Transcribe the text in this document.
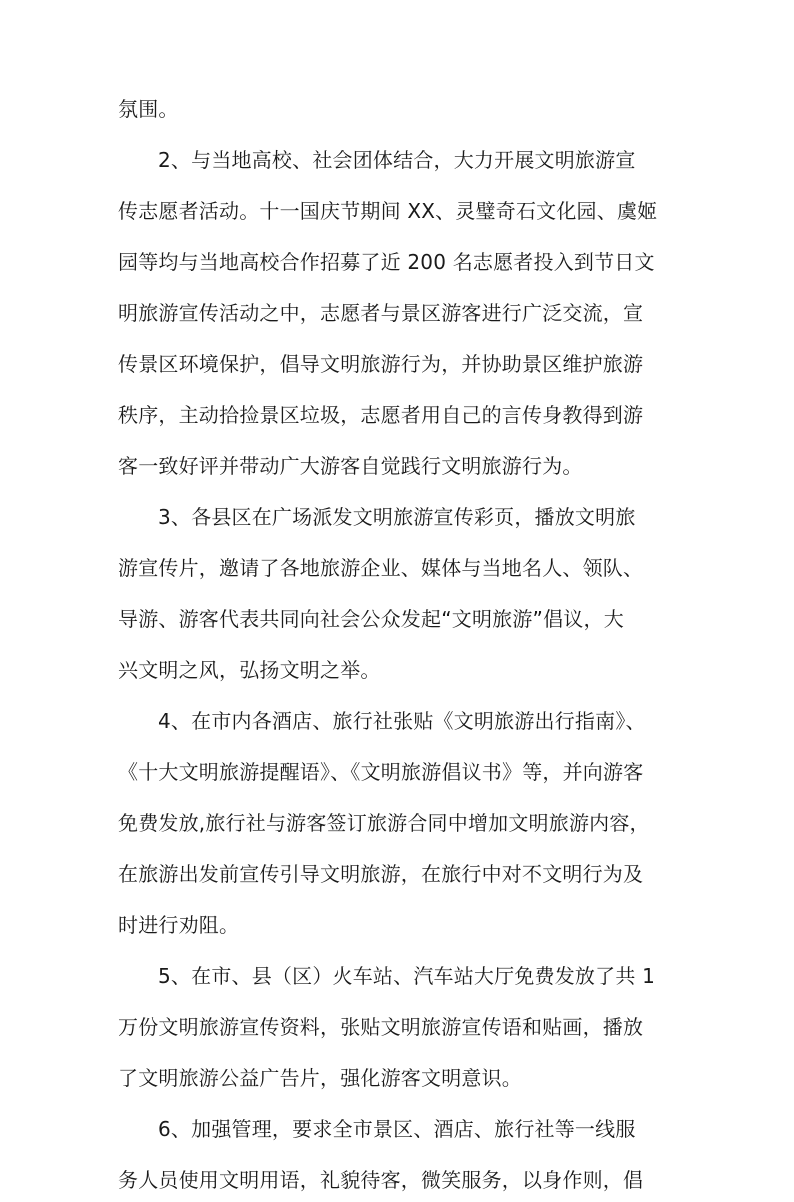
氛围。

2、与当地高校、社会团体结合，大力开展文明旅游宣

传志愿者活动。十一国庆节期间 XX、灵璧奇石文化园、虞姬

园等均与当地高校合作招募了近 200 名志愿者投入到节日文

明旅游宣传活动之中，志愿者与景区游客进行广泛交流，宣

传景区环境保护，倡导文明旅游行为，并协助景区维护旅游

秩序，主动拾捡景区垃圾，志愿者用自己的言传身教得到游

客一致好评并带动广大游客自觉践行文明旅游行为。

3、各县区在广场派发文明旅游宣传彩页，播放文明旅

游宣传片，邀请了各地旅游企业、媒体与当地名人、领队、

导游、游客代表共同向社会公众发起“文明旅游”倡议，大

兴文明之风，弘扬文明之举。

4、在市内各酒店、旅行社张贴《文明旅游出行指南》、

《十大文明旅游提醒语》、《文明旅游倡议书》等，并向游客

免费发放,旅行社与游客签订旅游合同中增加文明旅游内容，

在旅游出发前宣传引导文明旅游，在旅行中对不文明行为及

时进行劝阻。

5、在市、县（区）火车站、汽车站大厅免费发放了共 1

万份文明旅游宣传资料，张贴文明旅游宣传语和贴画，播放

了文明旅游公益广告片，强化游客文明意识。

6、加强管理，要求全市景区、酒店、旅行社等一线服

务人员使用文明用语，礼貌待客，微笑服务，以身作则，倡
